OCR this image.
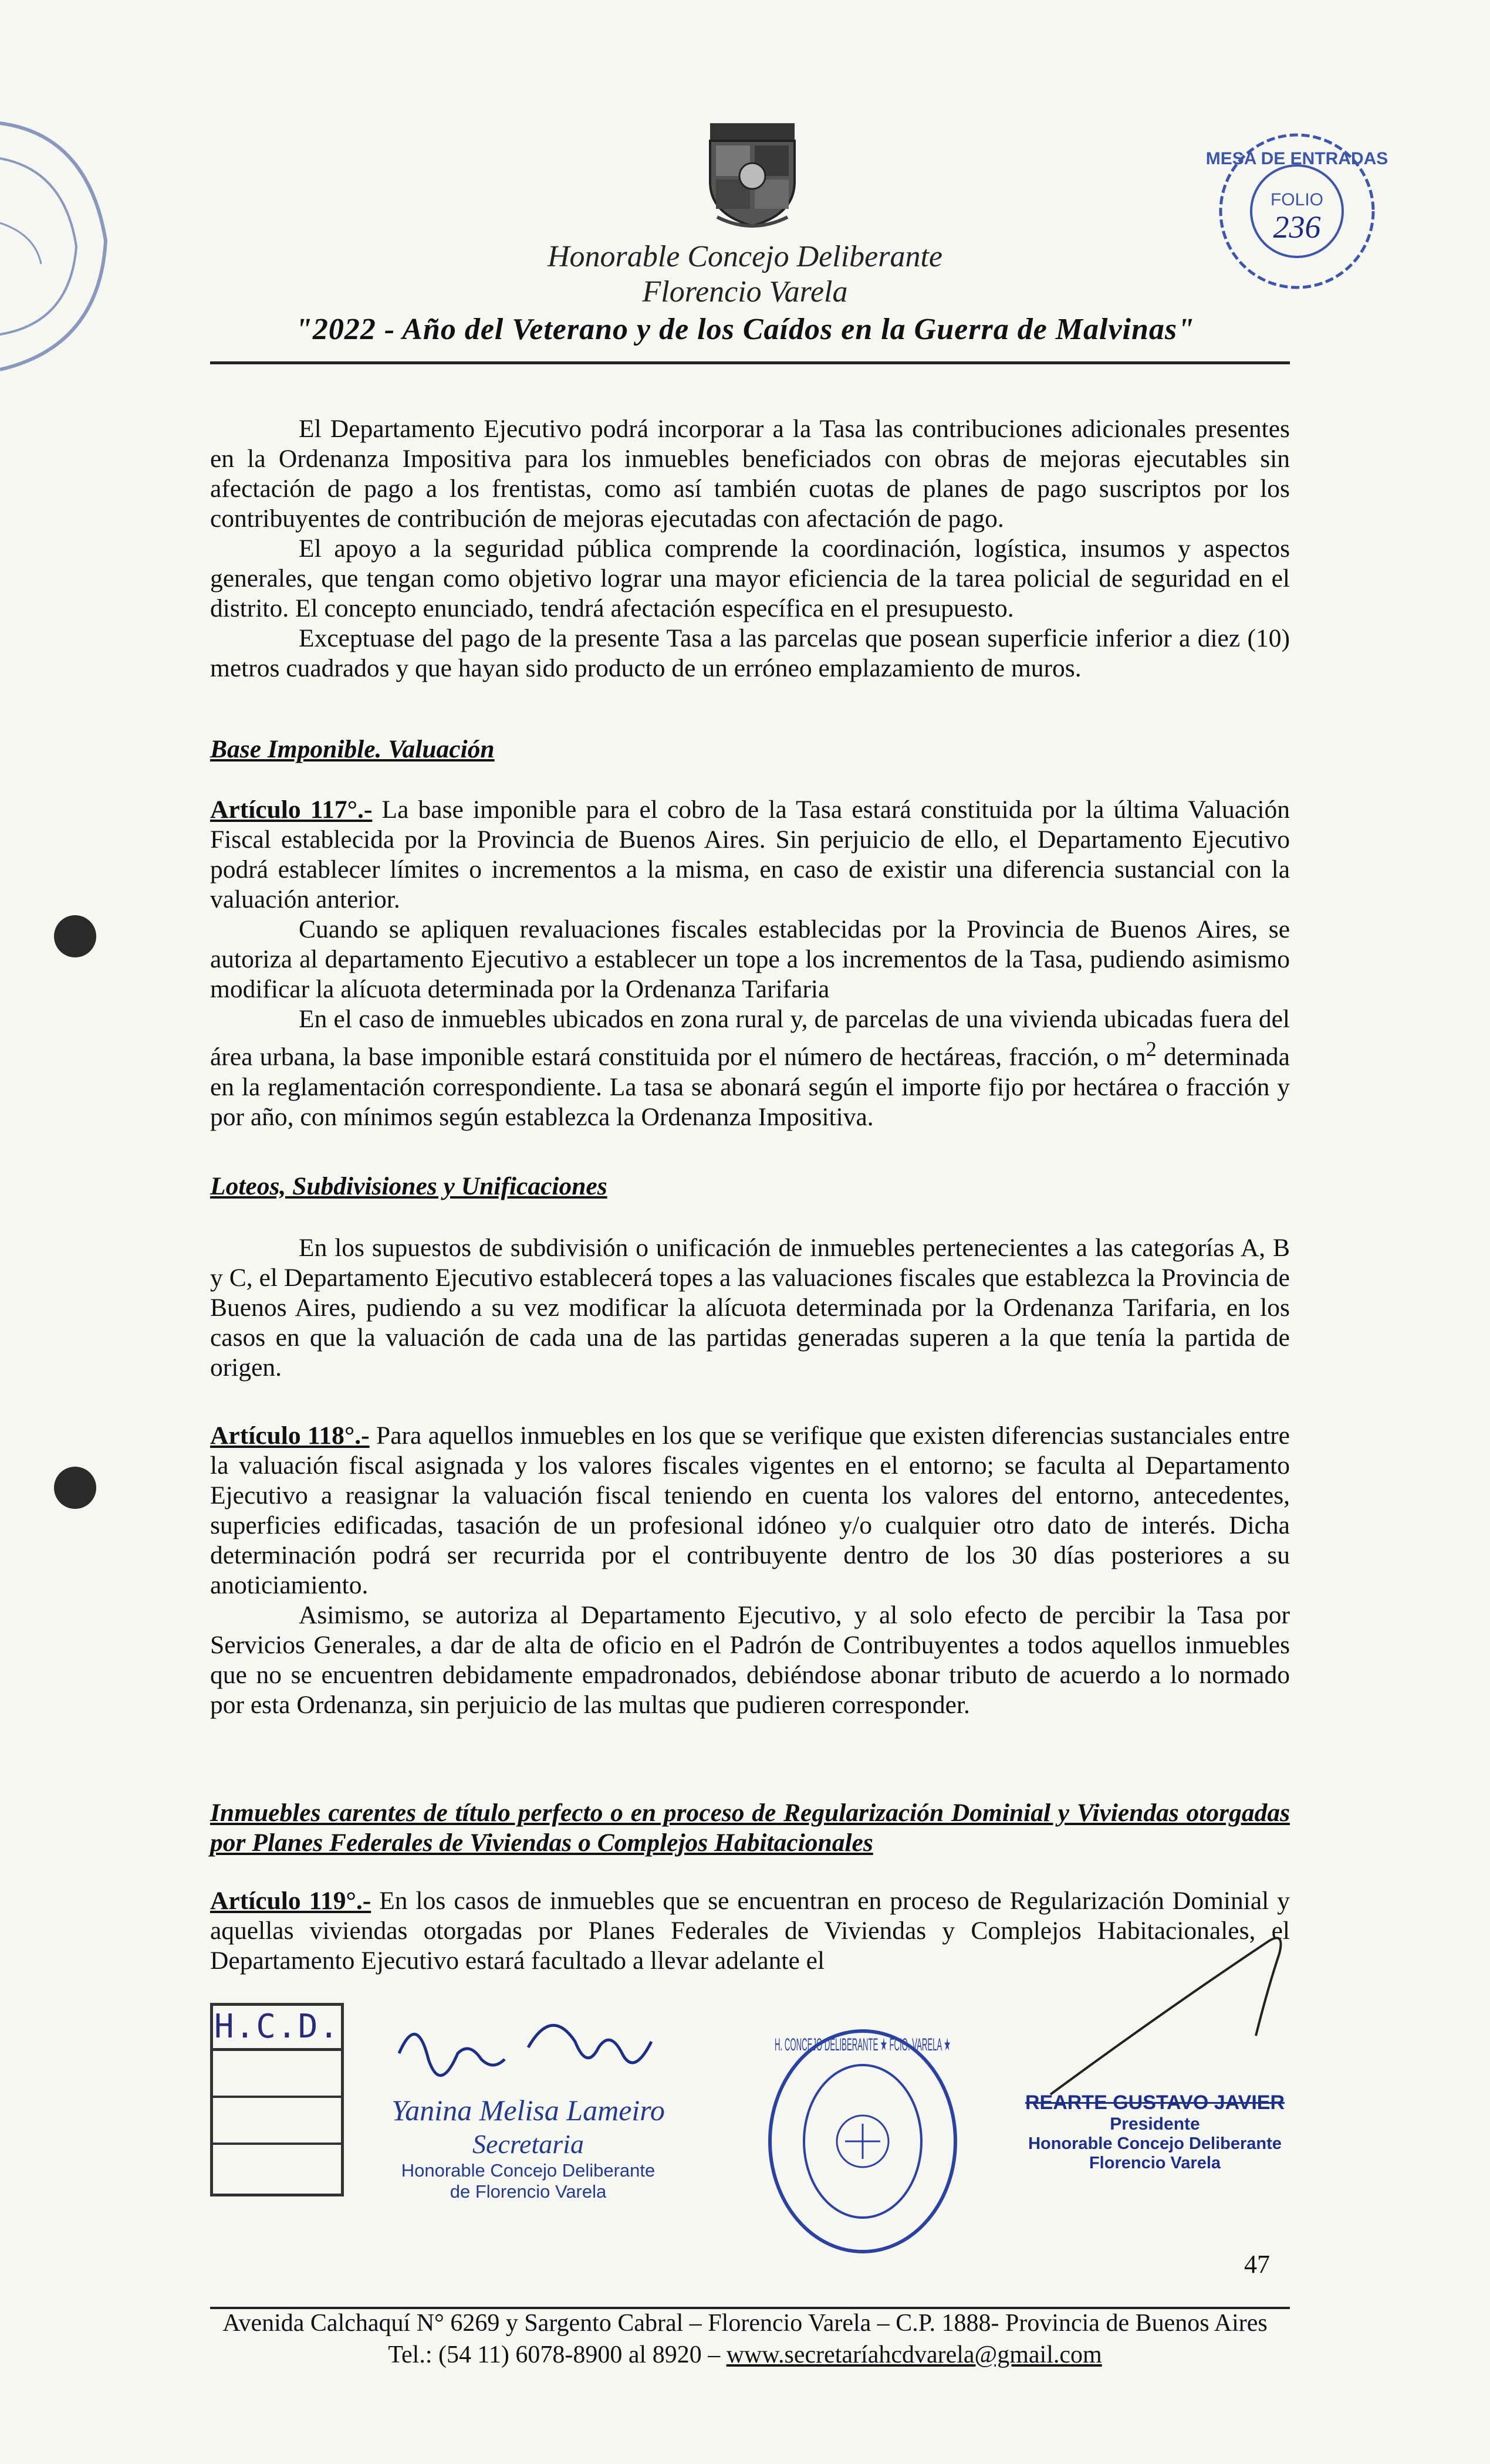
Honorable Concejo Deliberante
Florencio Varela
"2022 - Año del Veterano y de los Caídos en la Guerra de Malvinas"
MESA DE ENTRADAS
FOLIO
236

El Departamento Ejecutivo podrá incorporar a la Tasa las contribuciones adicionales presentes en la Ordenanza Impositiva para los inmuebles beneficiados con obras de mejoras ejecutables sin afectación de pago a los frentistas, como así también cuotas de planes de pago suscriptos por los contribuyentes de contribución de mejoras ejecutadas con afectación de pago.

El apoyo a la seguridad pública comprende la coordinación, logística, insumos y aspectos generales, que tengan como objetivo lograr una mayor eficiencia de la tarea policial de seguridad en el distrito. El concepto enunciado, tendrá afectación específica en el presupuesto.

Exceptuase del pago de la presente Tasa a las parcelas que posean superficie inferior a diez (10) metros cuadrados y que hayan sido producto de un erróneo emplazamiento de muros.

Base Imponible. Valuación

Artículo 117°.- La base imponible para el cobro de la Tasa estará constituida por la última Valuación Fiscal establecida por la Provincia de Buenos Aires. Sin perjuicio de ello, el Departamento Ejecutivo podrá establecer límites o incrementos a la misma, en caso de existir una diferencia sustancial con la valuación anterior.

Cuando se apliquen revaluaciones fiscales establecidas por la Provincia de Buenos Aires, se autoriza al departamento Ejecutivo a establecer un tope a los incrementos de la Tasa, pudiendo asimismo modificar la alícuota determinada por la Ordenanza Tarifaria

En el caso de inmuebles ubicados en zona rural y, de parcelas de una vivienda ubicadas fuera del área urbana, la base imponible estará constituida por el número de hectáreas, fracción, o $m^2$ determinada en la reglamentación correspondiente. La tasa se abonará según el importe fijo por hectárea o fracción y por año, con mínimos según establezca la Ordenanza Impositiva.

Loteos, Subdivisiones y Unificaciones

En los supuestos de subdivisión o unificación de inmuebles pertenecientes a las categorías A, B y C, el Departamento Ejecutivo establecerá topes a las valuaciones fiscales que establezca la Provincia de Buenos Aires, pudiendo a su vez modificar la alícuota determinada por la Ordenanza Tarifaria, en los casos en que la valuación de cada una de las partidas generadas superen a la que tenía la partida de origen.

Artículo 118°.- Para aquellos inmuebles en los que se verifique que existen diferencias sustanciales entre la valuación fiscal asignada y los valores fiscales vigentes en el entorno; se faculta al Departamento Ejecutivo a reasignar la valuación fiscal teniendo en cuenta los valores del entorno, antecedentes, superficies edificadas, tasación de un profesional idóneo y/o cualquier otro dato de interés. Dicha determinación podrá ser recurrida por el contribuyente dentro de los 30 días posteriores a su anoticiamiento.

Asimismo, se autoriza al Departamento Ejecutivo, y al solo efecto de percibir la Tasa por Servicios Generales, a dar de alta de oficio en el Padrón de Contribuyentes a todos aquellos inmuebles que no se encuentren debidamente empadronados, debiéndose abonar tributo de acuerdo a lo normado por esta Ordenanza, sin perjuicio de las multas que pudieren corresponder.

Inmuebles carentes de título perfecto o en proceso de Regularización Dominial y Viviendas otorgadas por Planes Federales de Viviendas o Complejos Habitacionales

Artículo 119°.- En los casos de inmuebles que se encuentran en proceso de Regularización Dominial y aquellas viviendas otorgadas por Planes Federales de Viviendas y Complejos Habitacionales, el Departamento Ejecutivo estará facultado a llevar adelante el

H.C.D.
Yanina Melisa Lameiro
Secretaria
Honorable Concejo Deliberante
de Florencio Varela
H. CONCEJO DELIBERANTE ★ FCIO. VARELA ★
REARTE GUSTAVO JAVIER
Presidente
Honorable Concejo Deliberante
Florencio Varela
47
Avenida Calchaquí N° 6269 y Sargento Cabral – Florencio Varela – C.P. 1888- Provincia de Buenos Aires
Tel.: (54 11) 6078-8900 al 8920 – www.secretaríahcdvarela@gmail.com
